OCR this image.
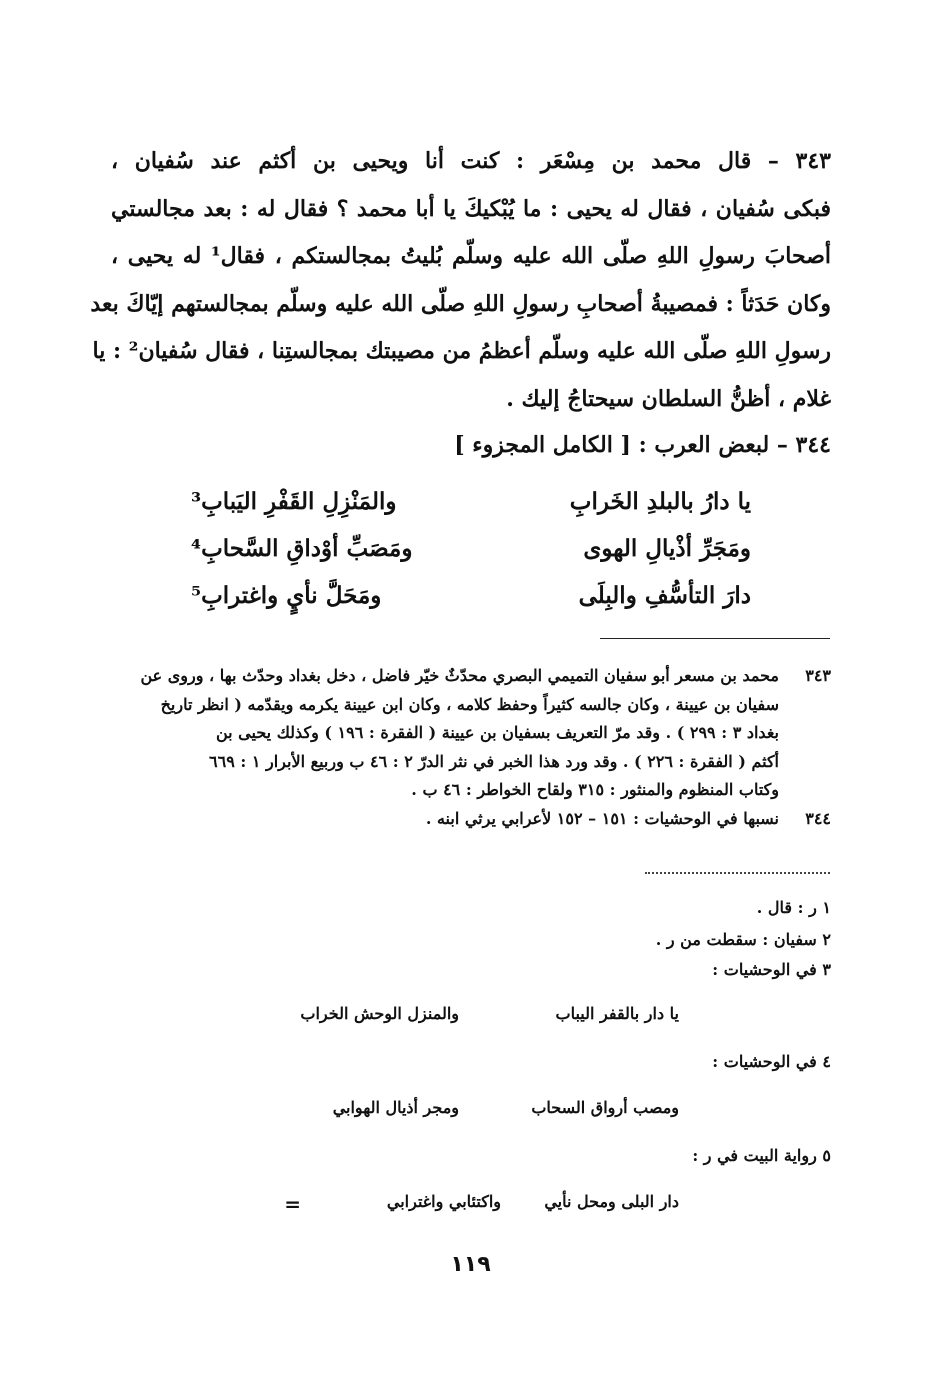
٣٤٣ – قال محمد بن مِسْعَر : كنت أنا ويحيى بن أكثم عند سُفيان ،
فبكى سُفيان ، فقال له يحيى : ما يُبْكيكَ يا أبا محمد ؟ فقال له : بعد مجالستي
أصحابَ رسولِ اللهِ صلّى الله عليه وسلّم بُليتُ بمجالستكم ، فقال¹ له يحيى ،
وكان حَدَثاً : فمصيبةُ أصحابِ رسولِ اللهِ صلّى الله عليه وسلّم بمجالستهم إيّاكَ بعد
رسولِ اللهِ صلّى الله عليه وسلّم أعظمُ من مصيبتك بمجالستِنا ، فقال سُفيان² : يا
غلام ، أظنُّ السلطان سيحتاجُ إليك .
٣٤٤ – لبعض العرب : [ الكامل المجزوء ]
يا دارُ بالبلدِ الخَرابِ
والمَنْزِلِ القَفْرِ اليَبابِ³
ومَجَرِّ أذْيالِ الهوى
ومَصَبِّ أوْداقِ السَّحابِ⁴
دارَ التأسُّفِ والبِلَى
ومَحَلَّ نأيٍ واغترابِ⁵
٣٤٣
محمد بن مسعر أبو سفيان التميمي البصري محدّثٌ خيّر فاضل ، دخل بغداد وحدّث بها ، وروى عن
سفيان بن عيينة ، وكان جالسه كثيراً وحفظ كلامه ، وكان ابن عيينة يكرمه ويقدّمه ( انظر تاريخ
بغداد ٣ : ٢٩٩ ) . وقد مرّ التعريف بسفيان بن عيينة ( الفقرة : ١٩٦ ) وكذلك يحيى بن
أكثم ( الفقرة : ٢٢٦ ) . وقد ورد هذا الخبر في نثر الدرّ ٢ : ٤٦ ب وربيع الأبرار ١ : ٦٦٩
وكتاب المنظوم والمنثور : ٣١٥ ولقاح الخواطر : ٤٦ ب .
٣٤٤
نسبها في الوحشيات : ١٥١ – ١٥٢ لأعرابي يرثي ابنه .
١ ر : قال .
٢ سفيان : سقطت من ر .
٣ في الوحشيات :
يا دار بالقفر اليباب
والمنزل الوحش الخراب
٤ في الوحشيات :
ومصب أرواق السحاب
ومجر أذيال الهوابي
٥ رواية البيت في ر :
دار البلى ومحل نأيي
واكتئابي واغترابي
=
١١٩
